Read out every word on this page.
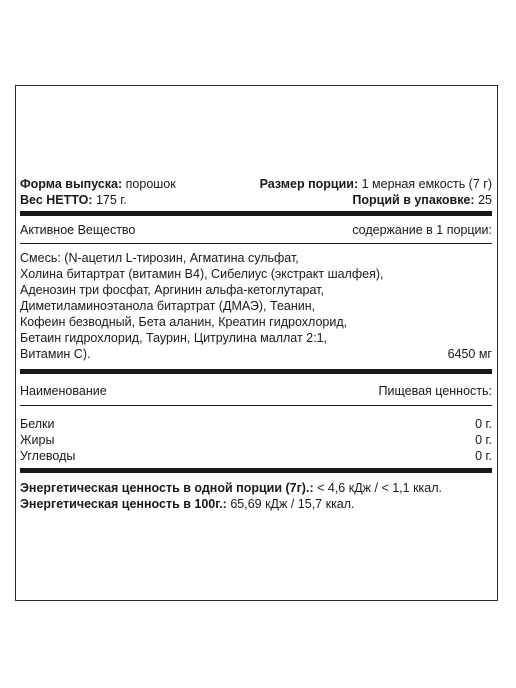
Форма выпуска: порошок	Размер порции: 1 мерная емкость (7 г)
Вес НЕТТО: 175 г.	Порций в упаковке: 25
Активное Вещество	содержание в 1 порции:
Смесь: (N-ацетил L-тирозин, Агматина сульфат,
Холина битартрат (витамин B4), Сибелиус (экстракт шалфея),
Аденозин три фосфат, Аргинин альфа-кетоглутарат,
Диметиламиноэтанола битартрат (ДМАЭ), Теанин,
Кофеин безводный, Бета аланин, Креатин гидрохлорид,
Бетаин гидрохлорид, Таурин, Цитрулина маллат 2:1,
Витамин С).	6450 мг
Наименование	Пищевая ценность:
Белки	0 г.
Жиры	0 г.
Углеводы	0 г.
Энергетическая ценность в одной порции (7г).: < 4,6 кДж / < 1,1 ккал.
Энергетическая ценность в 100г.: 65,69 кДж / 15,7 ккал.
